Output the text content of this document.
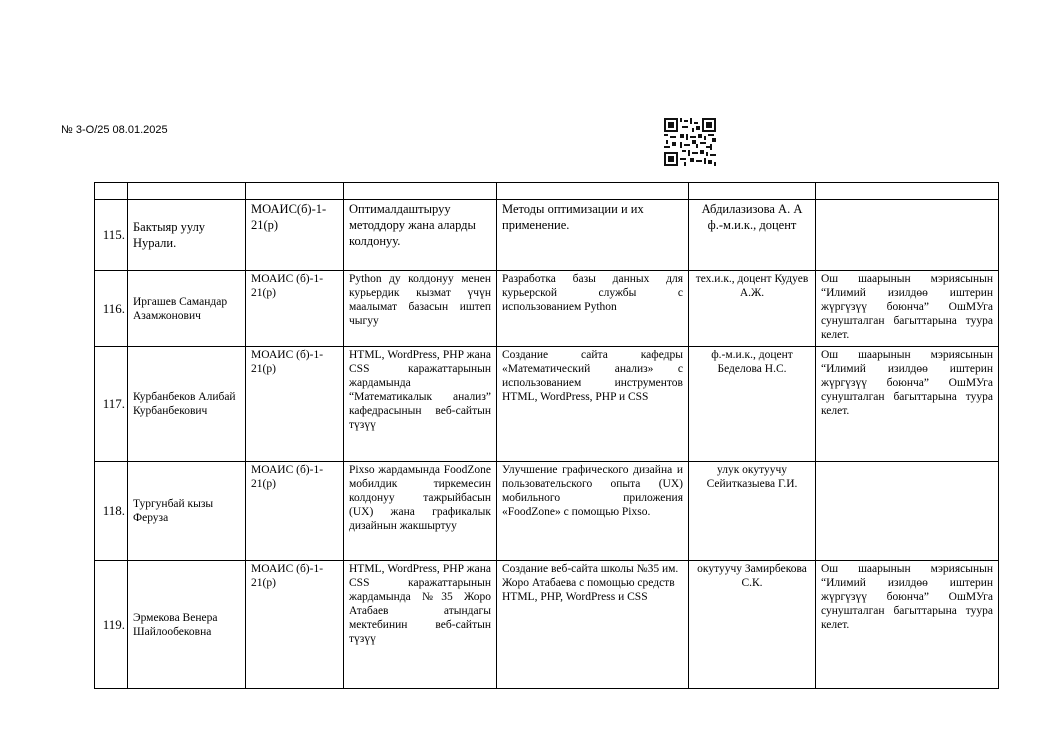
№ 3-О/25 08.01.2025

115.	Бактыяр уулу Нурали.	МОАИС(б)-1-21(р)	Оптималдаштыруу методдору жана аларды колдонуу.	Методы оптимизации и их применение.	Абдилазизова А. А ф.-м.и.к., доцент	
116.	Иргашев Самандар Азамжонович	МОАИС (б)-1-21(р)	Python ду колдонуу менен курьердик кызмат үчүн маалымат базасын иштеп чыгуу	Разработка базы данных для курьерской службы с использованием Python	тех.и.к., доцент Кудуев А.Ж.	Ош шаарынын мэриясынын “Илимий изилдөө иштерин жүргүзүү боюнча” ОшМУга сунушталган багыттарына туура келет.
117.	Курбанбеков Алибай Курбанбекович	МОАИС (б)-1-21(р)	HTML, WordPress, PHP жана CSS каражаттарынын жардамында “Математикалык анализ” кафедрасынын веб-сайтын түзүү	Создание сайта кафедры «Математический анализ» с использованием инструментов HTML, WordPress, PHP и CSS	ф.-м.и.к., доцент Беделова Н.С.	Ош шаарынын мэриясынын “Илимий изилдөө иштерин жүргүзүү боюнча” ОшМУга сунушталган багыттарына туура келет.
118.	Тургунбай кызы Феруза	МОАИС (б)-1-21(р)	Pixso жардамында FoodZone мобилдик тиркемесин колдонуу тажрыйбасын (UX) жана графикалык дизайнын жакшыртуу	Улучшение графического дизайна и пользовательского опыта (UX) мобильного приложения «FoodZone» с помощью Pixso.	улук окутуучу Сейитказыева Г.И.	
119.	Эрмекова Венера Шайлообековна	МОАИС (б)-1-21(р)	HTML, WordPress, PHP жана CSS каражаттарынын жардамында №35 Жоро Атабаев атындагы мектебинин веб-сайтын түзүү	Создание веб-сайта школы №35 им. Жоро Атабаева с помощью средств HTML, PHP, WordPress и CSS	окутуучу Замирбекова С.К.	Ош шаарынын мэриясынын “Илимий изилдөө иштерин жүргүзүү боюнча” ОшМУга сунушталган багыттарына туура келет.
